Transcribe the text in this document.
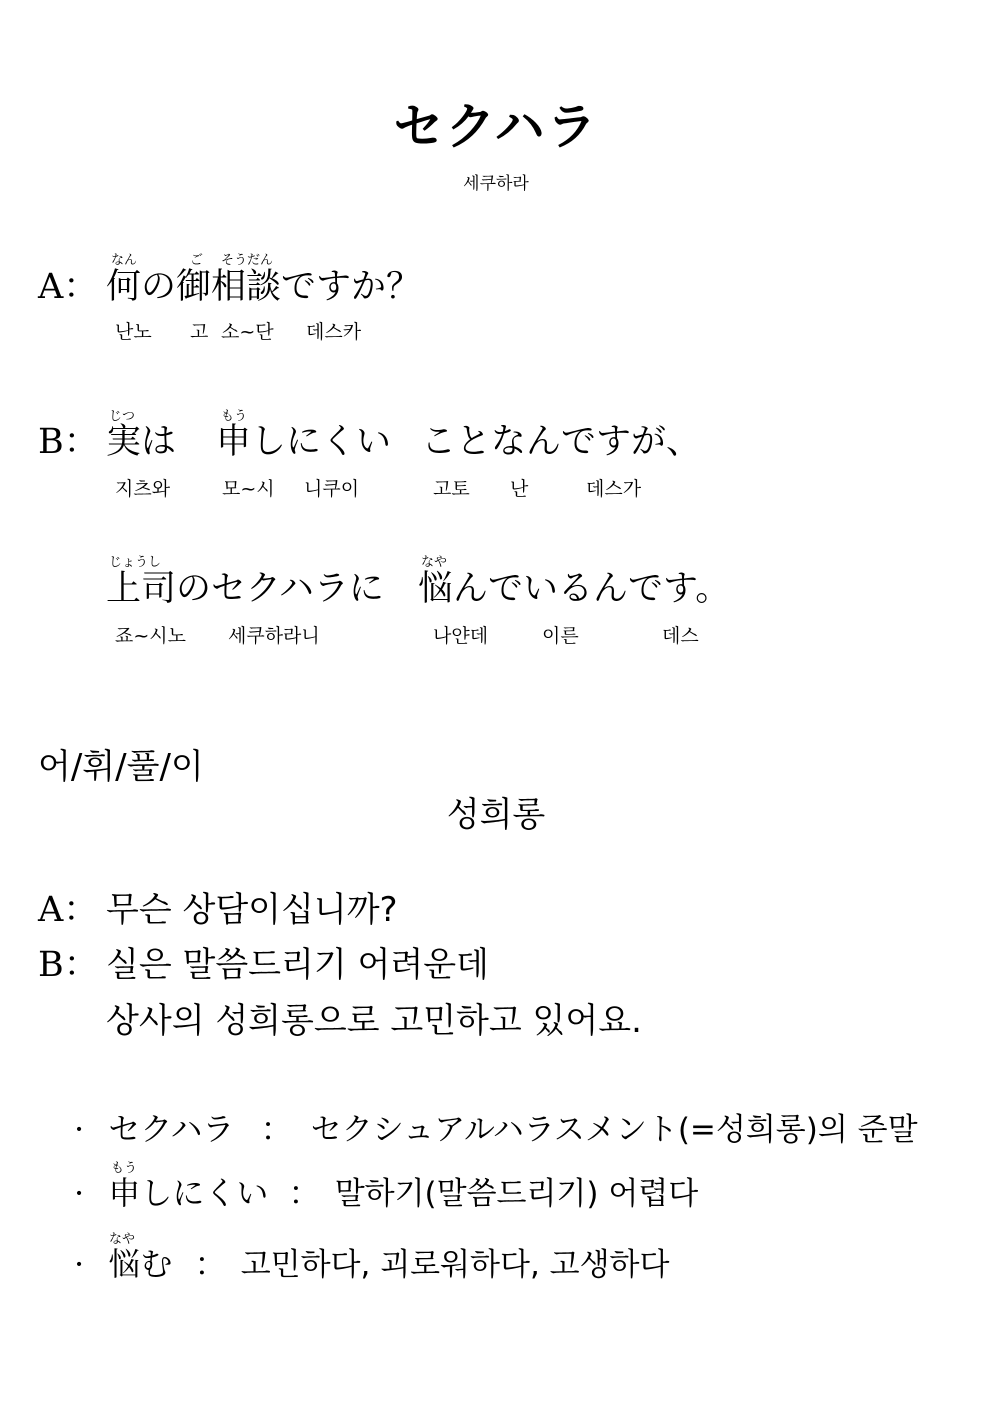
セクハラ
세쿠하라
なん	ご そうだん
A： 何の御相談ですか？
난노 고 소~단 데스카
じつ	もう
B： 実は 申しにくい ことなんですが、
지츠와	모~시 니쿠이	고토 난	데스가
じょうし	なや
上司のセクハラに 悩んでいるんです。
죠~시노 세쿠하라니	나얀데	이른	데스
어/휘/풀/이
성희롱
A： 무슨 상담이십니까?
B： 실은 말씀드리기 어려운데
상사의 성희롱으로 고민하고 있어요.
· セクハラ ： セクシュアルハラスメント(=성희롱)의 준말
もう
· 申しにくい ： 말하기(말씀드리기) 어렵다
なや
· 悩む ： 고민하다, 괴로워하다, 고생하다
